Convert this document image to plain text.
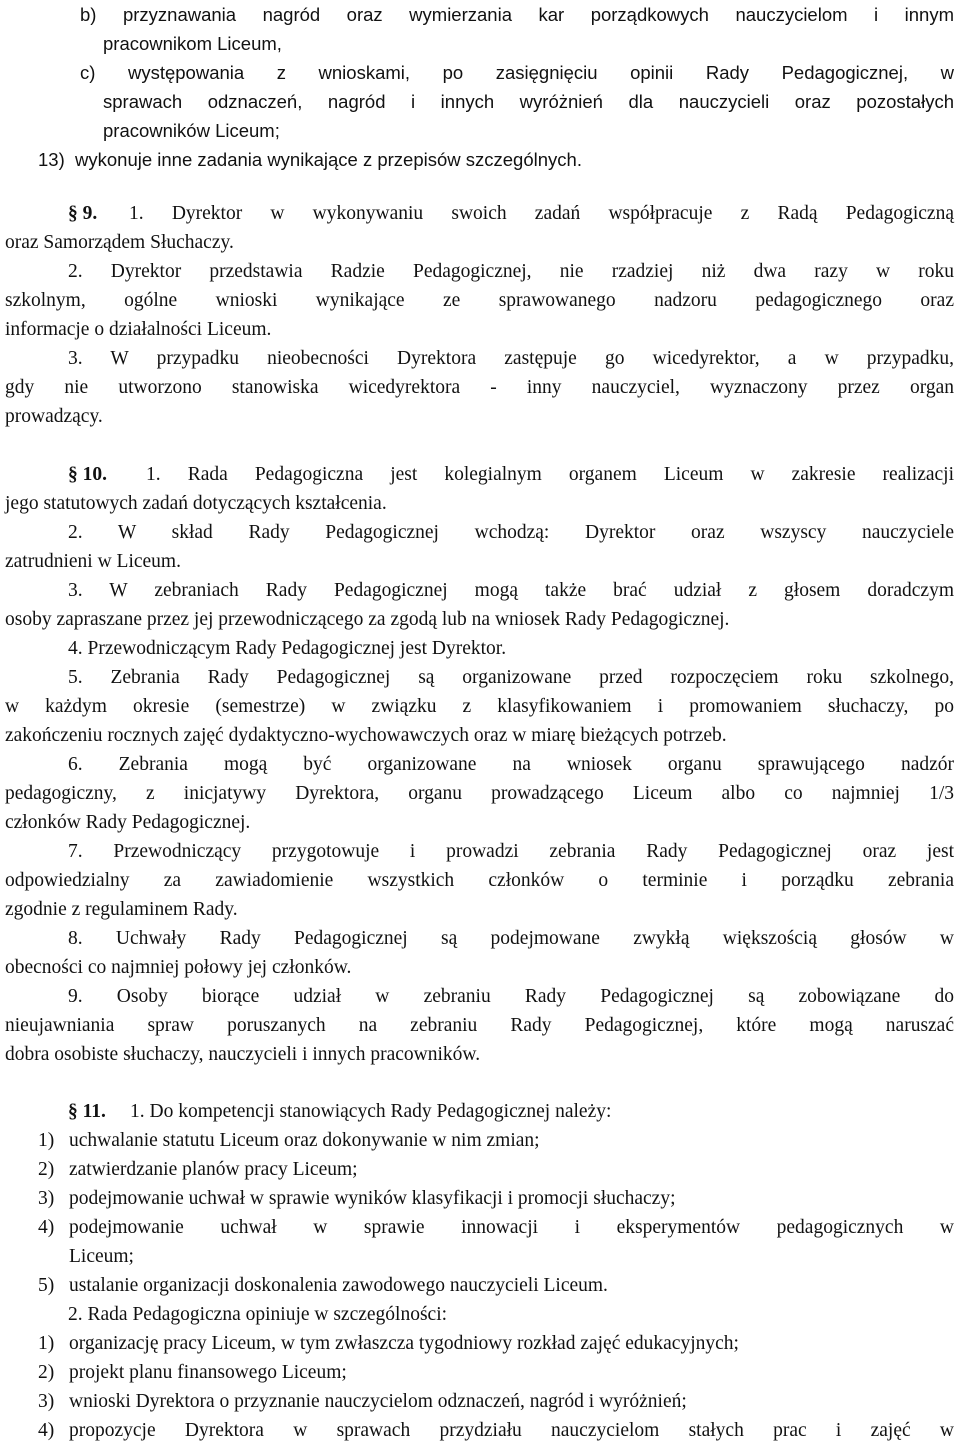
b) przyznawania nagród oraz wymierzania kar porządkowych nauczycielom i innym

pracownikom Liceum,

c) występowania z wnioskami, po zasięgnięciu opinii Rady Pedagogicznej, w

sprawach odznaczeń, nagród i innych wyróżnień dla nauczycieli oraz pozostałych

pracowników Liceum;

13) wykonuje inne zadania wynikające z przepisów szczególnych.

§ 9. 1. Dyrektor w wykonywaniu swoich zadań współpracuje z Radą Pedagogiczną

oraz Samorządem Słuchaczy.

2. Dyrektor przedstawia Radzie Pedagogicznej, nie rzadziej niż dwa razy w roku

szkolnym, ogólne wnioski wynikające ze sprawowanego nadzoru pedagogicznego oraz

informacje o działalności Liceum.

3. W przypadku nieobecności Dyrektora zastępuje go wicedyrektor, a w przypadku,

gdy nie utworzono stanowiska wicedyrektora - inny nauczyciel, wyznaczony przez organ

prowadzący.

§ 10. 1. Rada Pedagogiczna jest kolegialnym organem Liceum w zakresie realizacji

jego statutowych zadań dotyczących kształcenia.

2. W skład Rady Pedagogicznej wchodzą: Dyrektor oraz wszyscy nauczyciele

zatrudnieni w Liceum.

3. W zebraniach Rady Pedagogicznej mogą także brać udział z głosem doradczym

osoby zapraszane przez jej przewodniczącego za zgodą lub na wniosek Rady Pedagogicznej.

4. Przewodniczącym Rady Pedagogicznej jest Dyrektor.

5. Zebrania Rady Pedagogicznej są organizowane przed rozpoczęciem roku szkolnego,

w każdym okresie (semestrze) w związku z klasyfikowaniem i promowaniem słuchaczy, po

zakończeniu rocznych zajęć dydaktyczno-wychowawczych oraz w miarę bieżących potrzeb.

6. Zebrania mogą być organizowane na wniosek organu sprawującego nadzór

pedagogiczny, z inicjatywy Dyrektora, organu prowadzącego Liceum albo co najmniej 1/3

członków Rady Pedagogicznej.

7. Przewodniczący przygotowuje i prowadzi zebrania Rady Pedagogicznej oraz jest

odpowiedzialny za zawiadomienie wszystkich członków o terminie i porządku zebrania

zgodnie z regulaminem Rady.

8. Uchwały Rady Pedagogicznej są podejmowane zwykłą większością głosów w

obecności co najmniej połowy jej członków.

9. Osoby biorące udział w zebraniu Rady Pedagogicznej są zobowiązane do

nieujawniania spraw poruszanych na zebraniu Rady Pedagogicznej, które mogą naruszać

dobra osobiste słuchaczy, nauczycieli i innych pracowników.

§ 11. 1. Do kompetencji stanowiących Rady Pedagogicznej należy:

1) uchwalanie statutu Liceum oraz dokonywanie w nim zmian;

2) zatwierdzanie planów pracy Liceum;

3) podejmowanie uchwał w sprawie wyników klasyfikacji i promocji słuchaczy;

4) podejmowanie uchwał w sprawie innowacji i eksperymentów pedagogicznych w

Liceum;

5) ustalanie organizacji doskonalenia zawodowego nauczycieli Liceum.

2. Rada Pedagogiczna opiniuje w szczególności:

1) organizację pracy Liceum, w tym zwłaszcza tygodniowy rozkład zajęć edukacyjnych;

2) projekt planu finansowego Liceum;

3) wnioski Dyrektora o przyznanie nauczycielom odznaczeń, nagród i wyróżnień;

4) propozycje Dyrektora w sprawach przydziału nauczycielom stałych prac i zajęć w
